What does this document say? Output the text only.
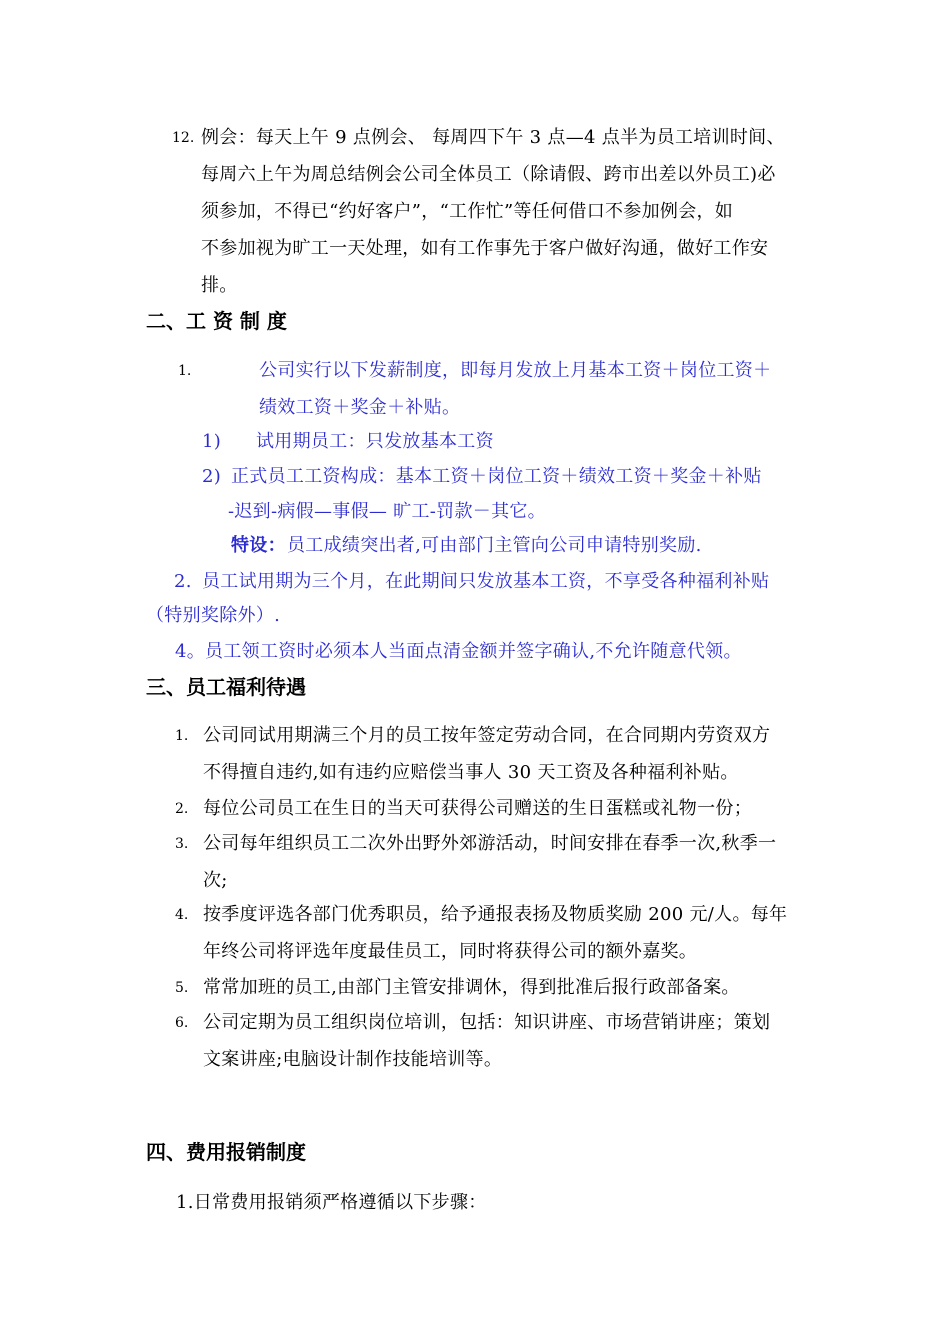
12. 例会：每天上午 9 点例会、 每周四下午 3 点—4 点半为员工培训时间、
每周六上午为周总结例会公司全体员工（除请假、跨市出差以外员工)必
须参加，不得已“约好客户”，“工作忙”等任何借口不参加例会，如
不参加视为旷工一天处理，如有工作事先于客户做好沟通，做好工作安
排。
二、工 资 制 度
1.	公司实行以下发薪制度，即每月发放上月基本工资＋岗位工资＋
绩效工资＋奖金＋补贴。
1) 试用期员工：只发放基本工资
2) 正式员工工资构成：基本工资＋岗位工资＋绩效工资＋奖金＋补贴
-迟到-病假—事假— 旷工-罚款－其它。
特设： 员工成绩突出者,可由部门主管向公司申请特别奖励.
2. 员工试用期为三个月，在此期间只发放基本工资，不享受各种福利补贴
（特别奖除外）.
4。员工领工资时必须本人当面点清金额并签字确认,不允许随意代领。
三、员工福利待遇
1. 公司同试用期满三个月的员工按年签定劳动合同，在合同期内劳资双方
不得擅自违约,如有违约应赔偿当事人 30 天工资及各种福利补贴。
2. 每位公司员工在生日的当天可获得公司赠送的生日蛋糕或礼物一份；
3. 公司每年组织员工二次外出野外郊游活动，时间安排在春季一次,秋季一
次;
4. 按季度评选各部门优秀职员，给予通报表扬及物质奖励 200 元/人。每年
年终公司将评选年度最佳员工，同时将获得公司的额外嘉奖。
5. 常常加班的员工,由部门主管安排调休，得到批准后报行政部备案。
6. 公司定期为员工组织岗位培训，包括：知识讲座、市场营销讲座；策划
文案讲座;电脑设计制作技能培训等。
四、费用报销制度
1.日常费用报销须严格遵循以下步骤：
